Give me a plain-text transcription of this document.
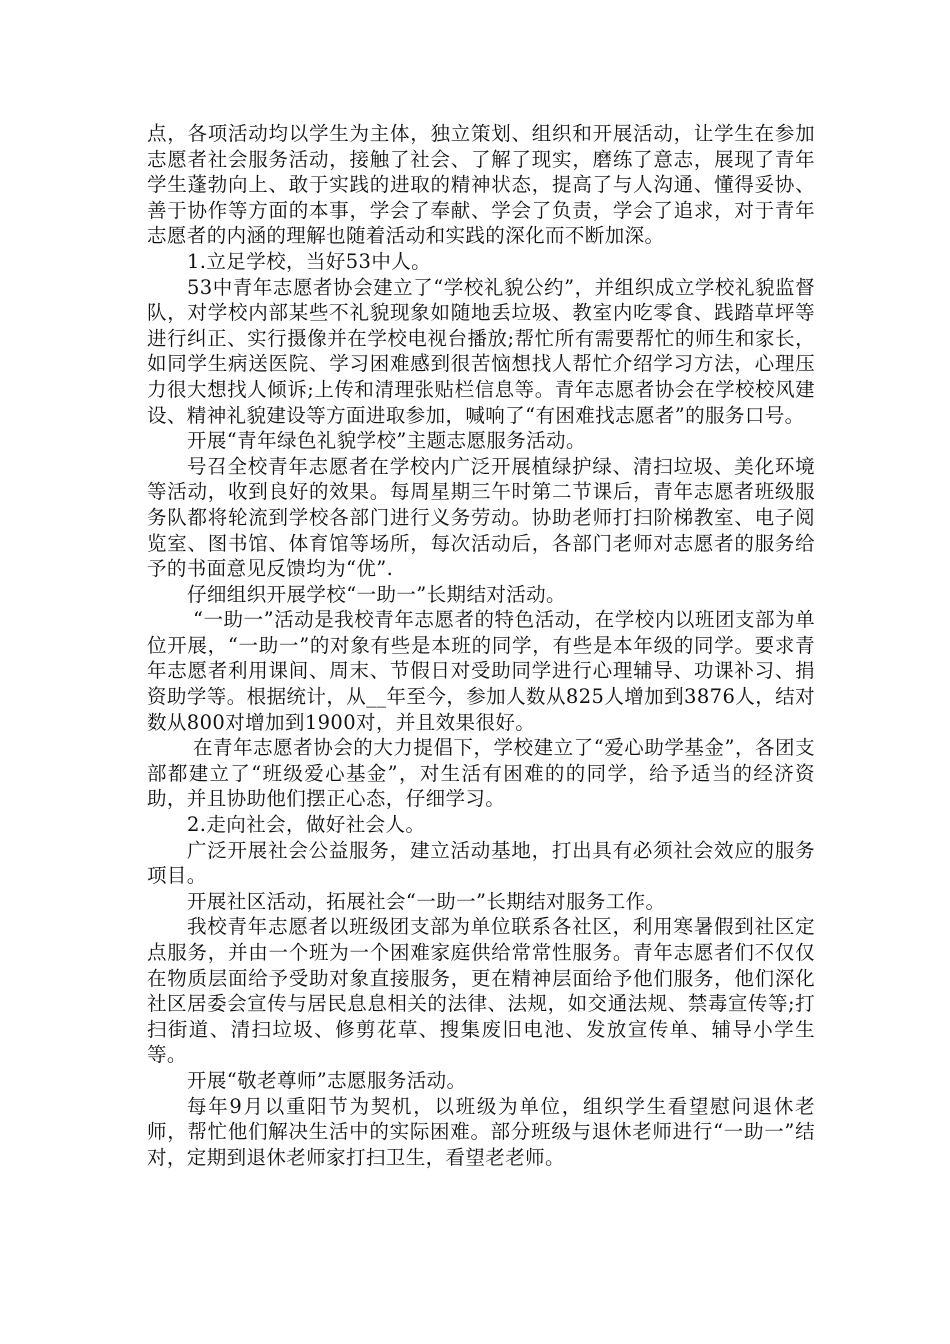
点，各项活动均以学生为主体，独立策划、组织和开展活动，让学生在参加志愿者社会服务活动，接触了社会、了解了现实，磨练了意志，展现了青年学生蓬勃向上、敢于实践的进取的精神状态，提高了与人沟通、懂得妥协、善于协作等方面的本事，学会了奉献、学会了负责，学会了追求，对于青年志愿者的内涵的理解也随着活动和实践的深化而不断加深。

1.立足学校，当好53中人。

53中青年志愿者协会建立了“学校礼貌公约”，并组织成立学校礼貌监督队，对学校内部某些不礼貌现象如随地丢垃圾、教室内吃零食、践踏草坪等进行纠正、实行摄像并在学校电视台播放;帮忙所有需要帮忙的师生和家长，如同学生病送医院、学习困难感到很苦恼想找人帮忙介绍学习方法，心理压力很大想找人倾诉;上传和清理张贴栏信息等。青年志愿者协会在学校校风建设、精神礼貌建设等方面进取参加，喊响了“有困难找志愿者”的服务口号。

开展“青年绿色礼貌学校”主题志愿服务活动。

号召全校青年志愿者在学校内广泛开展植绿护绿、清扫垃圾、美化环境等活动，收到良好的效果。每周星期三午时第二节课后，青年志愿者班级服务队都将轮流到学校各部门进行义务劳动。协助老师打扫阶梯教室、电子阅览室、图书馆、体育馆等场所，每次活动后，各部门老师对志愿者的服务给予的书面意见反馈均为“优”.

仔细组织开展学校“一助一”长期结对活动。

“一助一”活动是我校青年志愿者的特色活动，在学校内以班团支部为单位开展，“一助一”的对象有些是本班的同学，有些是本年级的同学。要求青年志愿者利用课间、周末、节假日对受助同学进行心理辅导、功课补习、捐资助学等。根据统计，从__年至今，参加人数从825人增加到3876人，结对数从800对增加到1900对，并且效果很好。

在青年志愿者协会的大力提倡下，学校建立了“爱心助学基金”，各团支部都建立了“班级爱心基金”，对生活有困难的的同学，给予适当的经济资助，并且协助他们摆正心态，仔细学习。

2.走向社会，做好社会人。

广泛开展社会公益服务，建立活动基地，打出具有必须社会效应的服务项目。

开展社区活动，拓展社会“一助一”长期结对服务工作。

我校青年志愿者以班级团支部为单位联系各社区，利用寒暑假到社区定点服务，并由一个班为一个困难家庭供给常常性服务。青年志愿者们不仅仅在物质层面给予受助对象直接服务，更在精神层面给予他们服务，他们深化社区居委会宣传与居民息息相关的法律、法规，如交通法规、禁毒宣传等;打扫街道、清扫垃圾、修剪花草、搜集废旧电池、发放宣传单、辅导小学生等。

开展“敬老尊师”志愿服务活动。

每年9月以重阳节为契机，以班级为单位，组织学生看望慰问退休老师，帮忙他们解决生活中的实际困难。部分班级与退休老师进行“一助一”结对，定期到退休老师家打扫卫生，看望老老师。
